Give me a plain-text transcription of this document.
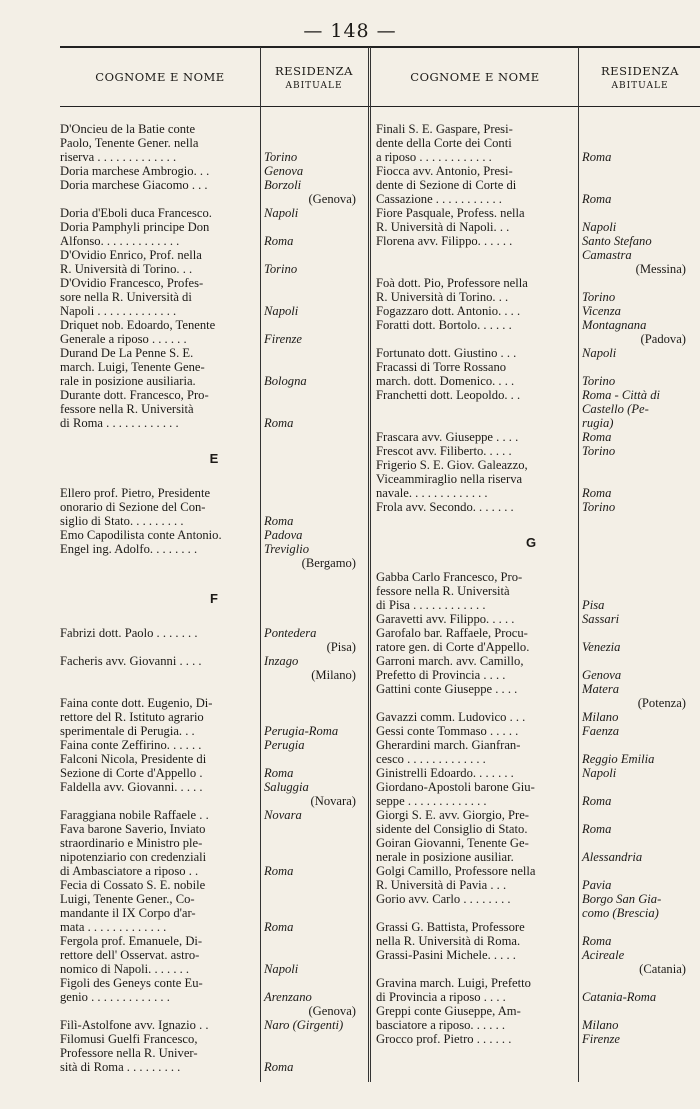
— 148 —
COGNOME E NOME	RESIDENZA
ABITUALE
COGNOME E NOME	RESIDENZA
ABITUALE
D'Oncieu de la Batie conte
Paolo, Tenente Gener. nella
riserva . . . . . . . . . . . . .	Torino
Doria marchese Ambrogio. . .	Genova
Doria marchese Giacomo . . .	Borzoli
(Genova)
Doria d'Eboli duca Francesco.	Napoli
Doria Pamphyli principe Don
Alfonso. . . . . . . . . . . . .	Roma
D'Ovidio Enrico, Prof. nella
R. Università di Torino. . .	Torino
D'Ovidio Francesco, Profes-
sore nella R. Università di
Napoli . . . . . . . . . . . . .	Napoli
Driquet nob. Edoardo, Tenente
Generale a riposo . . . . . .	Firenze
Durand De La Penne S. E.
march. Luigi, Tenente Gene-
rale in posizione ausiliaria.	Bologna
Durante dott. Francesco, Pro-
fessore nella R. Università
di Roma . . . . . . . . . . . .	Roma
E
Ellero prof. Pietro, Presidente
onorario di Sezione del Con-
siglio di Stato. . . . . . . . .	Roma
Emo Capodilista conte Antonio.	Padova
Engel ing. Adolfo. . . . . . . .	Treviglio
(Bergamo)
F
Fabrizi dott. Paolo . . . . . . .	Pontedera
(Pisa)
Facheris avv. Giovanni . . . .	Inzago
(Milano)
Faina conte dott. Eugenio, Di-
rettore del R. Istituto agrario
sperimentale di Perugia. . .	Perugia-Roma
Faina conte Zeffirino. . . . . .	Perugia
Falconi Nicola, Presidente di
Sezione di Corte d'Appello .	Roma
Faldella avv. Giovanni. . . . .	Saluggia
(Novara)
Faraggiana nobile Raffaele . .	Novara
Fava barone Saverio, Inviato
straordinario e Ministro ple-
nipotenziario con credenziali
di Ambasciatore a riposo . .	Roma
Fecia di Cossato S. E. nobile
Luigi, Tenente Gener., Co-
mandante il IX Corpo d'ar-
mata . . . . . . . . . . . . .	Roma
Fergola prof. Emanuele, Di-
rettore dell' Osservat. astro-
nomico di Napoli. . . . . . .	Napoli
Figoli des Geneys conte Eu-
genio . . . . . . . . . . . . .	Arenzano
(Genova)
Filì-Astolfone avv. Ignazio . .	Naro (Girgenti)
Filomusi Guelfi Francesco,
Professore nella R. Univer-
sità di Roma . . . . . . . . .	Roma
Finali S. E. Gaspare, Presi-
dente della Corte dei Conti
a riposo . . . . . . . . . . . .	Roma
Fiocca avv. Antonio, Presi-
dente di Sezione di Corte di
Cassazione . . . . . . . . . . .	Roma
Fiore Pasquale, Profess. nella
R. Università di Napoli. . .	Napoli
Florena avv. Filippo. . . . . .	Santo Stefano
Camastra
(Messina)
Foà dott. Pio, Professore nella
R. Università di Torino. . .	Torino
Fogazzaro dott. Antonio. . . .	Vicenza
Foratti dott. Bortolo. . . . . .	Montagnana
(Padova)
Fortunato dott. Giustino . . .	Napoli
Fracassi di Torre Rossano
march. dott. Domenico. . . .	Torino
Franchetti dott. Leopoldo. . .	Roma - Città di
Castello (Pe-
rugia)
Frascara avv. Giuseppe . . . .	Roma
Frescot avv. Filiberto. . . . .	Torino
Frigerio S. E. Giov. Galeazzo,
Viceammiraglio nella riserva
navale. . . . . . . . . . . . .	Roma
Frola avv. Secondo. . . . . . .	Torino
G
Gabba Carlo Francesco, Pro-
fessore nella R. Università
di Pisa . . . . . . . . . . . .	Pisa
Garavetti avv. Filippo. . . . .	Sassari
Garofalo bar. Raffaele, Procu-
ratore gen. di Corte d'Appello.	Venezia
Garroni march. avv. Camillo,
Prefetto di Provincia . . . .	Genova
Gattini conte Giuseppe . . . .	Matera
(Potenza)
Gavazzi comm. Ludovico . . .	Milano
Gessi conte Tommaso . . . . .	Faenza
Gherardini march. Gianfran-
cesco . . . . . . . . . . . . .	Reggio Emilia
Ginistrelli Edoardo. . . . . . .	Napoli
Giordano-Apostoli barone Giu-
seppe . . . . . . . . . . . . .	Roma
Giorgi S. E. avv. Giorgio, Pre-
sidente del Consiglio di Stato.	Roma
Goiran Giovanni, Tenente Ge-
nerale in posizione ausiliar.	Alessandria
Golgi Camillo, Professore nella
R. Università di Pavia . . .	Pavia
Gorio avv. Carlo . . . . . . . .	Borgo San Gia-
como (Brescia)
Grassi G. Battista, Professore
nella R. Università di Roma.	Roma
Grassi-Pasini Michele. . . . .	Acireale
(Catania)
Gravina march. Luigi, Prefetto
di Provincia a riposo . . . .	Catania-Roma
Greppi conte Giuseppe, Am-
basciatore a riposo. . . . . .	Milano
Grocco prof. Pietro . . . . . .	Firenze
